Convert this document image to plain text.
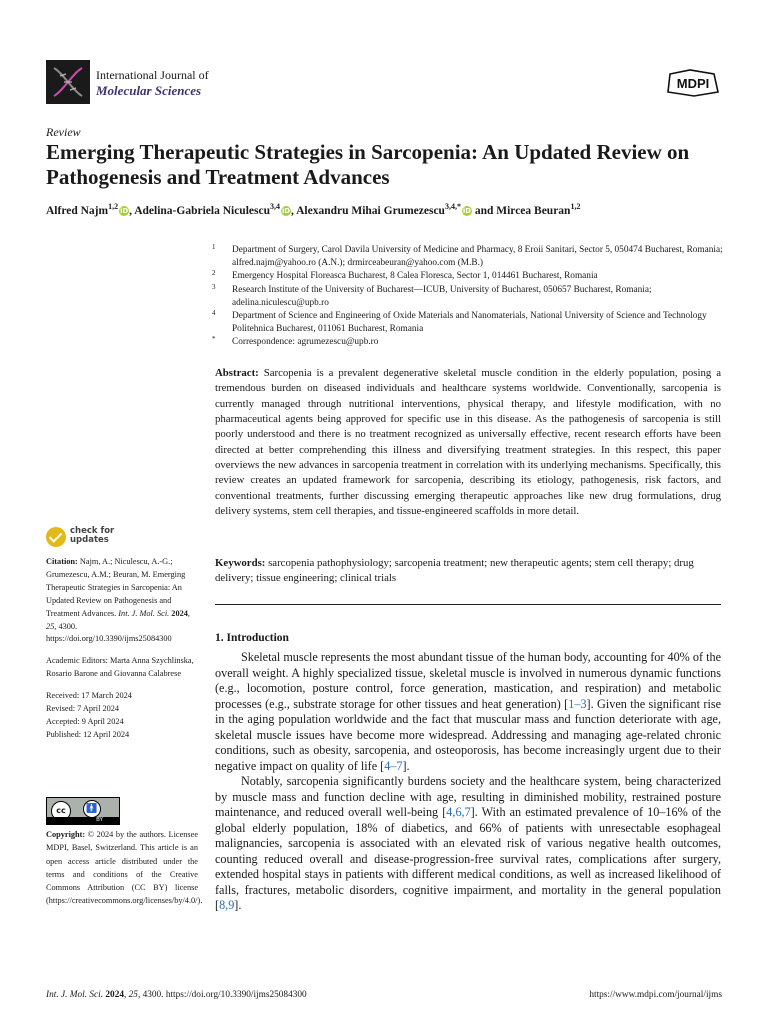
International Journal of
Molecular Sciences	MDPI
Review
Emerging Therapeutic Strategies in Sarcopenia: An Updated Review on Pathogenesis and Treatment Advances
Alfred Najm$^{1,2}$ iD, Adelina-Gabriela Niculescu$^{3,4}$ iD, Alexandru Mihai Grumezescu$^{3,4,*}$ iD and Mircea Beuran$^{1,2}$
1 Department of Surgery, Carol Davila University of Medicine and Pharmacy, 8 Eroii Sanitari, Sector 5, 050474 Bucharest, Romania; alfred.najm@yahoo.ro (A.N.); drmirceabeuran@yahoo.com (M.B.)
2 Emergency Hospital Floreasca Bucharest, 8 Calea Floresca, Sector 1, 014461 Bucharest, Romania
3 Research Institute of the University of Bucharest—ICUB, University of Bucharest, 050657 Bucharest, Romania; adelina.niculescu@upb.ro
4 Department of Science and Engineering of Oxide Materials and Nanomaterials, National University of Science and Technology Politehnica Bucharest, 011061 Bucharest, Romania
* Correspondence: agrumezescu@upb.ro
Abstract: Sarcopenia is a prevalent degenerative skeletal muscle condition in the elderly population, posing a tremendous burden on diseased individuals and healthcare systems worldwide. Conventionally, sarcopenia is currently managed through nutritional interventions, physical therapy, and lifestyle modification, with no pharmaceutical agents being approved for specific use in this disease. As the pathogenesis of sarcopenia is still poorly understood and there is no treatment recognized as universally effective, recent research efforts have been directed at better comprehending this illness and diversifying treatment strategies. In this respect, this paper overviews the new advances in sarcopenia treatment in correlation with its underlying mechanisms. Specifically, this review creates an updated framework for sarcopenia, describing its etiology, pathogenesis, risk factors, and conventional treatments, further discussing emerging therapeutic approaches like new drug formulations, drug delivery systems, stem cell therapies, and tissue-engineered scaffolds in more detail.
Keywords: sarcopenia pathophysiology; sarcopenia treatment; new therapeutic agents; stem cell therapy; drug delivery; tissue engineering; clinical trials
check for
updates

Citation: Najm, A.; Niculescu, A.-G.; Grumezescu, A.M.; Beuran, M. Emerging Therapeutic Strategies in Sarcopenia: An Updated Review on Pathogenesis and Treatment Advances. Int. J. Mol. Sci. 2024, 25, 4300. https://doi.org/10.3390/ijms25084300

Academic Editors: Marta Anna Szychlinska, Rosario Barone and Giovanna Calabrese

Received: 17 March 2024
Revised: 7 April 2024
Accepted: 9 April 2024
Published: 12 April 2024
cc	🚹
BY
Copyright: © 2024 by the authors. Licensee MDPI, Basel, Switzerland. This article is an open access article distributed under the terms and conditions of the Creative Commons Attribution (CC BY) license (https://creativecommons.org/licenses/by/4.0/).
1. Introduction

Skeletal muscle represents the most abundant tissue of the human body, accounting for 40% of the overall weight. A highly specialized tissue, skeletal muscle is involved in numerous dynamic functions (e.g., locomotion, posture control, force generation, mastication, and respiration) and metabolic processes (e.g., substrate storage for other tissues and heat generation) [1–3]. Given the significant rise in the aging population worldwide and the fact that muscular mass and function deteriorate with age, skeletal muscle issues have become more widespread. Addressing and managing age-related chronic conditions, such as obesity, sarcopenia, and osteoporosis, has become increasingly urgent due to their negative impact on quality of life [4–7].

Notably, sarcopenia significantly burdens society and the healthcare system, being characterized by muscle mass and function decline with age, resulting in diminished mobility, restrained posture maintenance, and reduced overall well-being [4,6,7]. With an estimated prevalence of 10–16% of the global elderly population, 18% of diabetics, and 66% of patients with unresectable esophageal malignancies, sarcopenia is associated with an elevated risk of various negative health outcomes, counting reduced overall and disease-progression-free survival rates, complications after surgery, extended hospital stays in patients with different medical conditions, as well as increased likelihood of falls, fractures, metabolic disorders, cognitive impairment, and mortality in the general population [8,9].

Int. J. Mol. Sci. 2024, 25, 4300. https://doi.org/10.3390/ijms25084300	https://www.mdpi.com/journal/ijms
